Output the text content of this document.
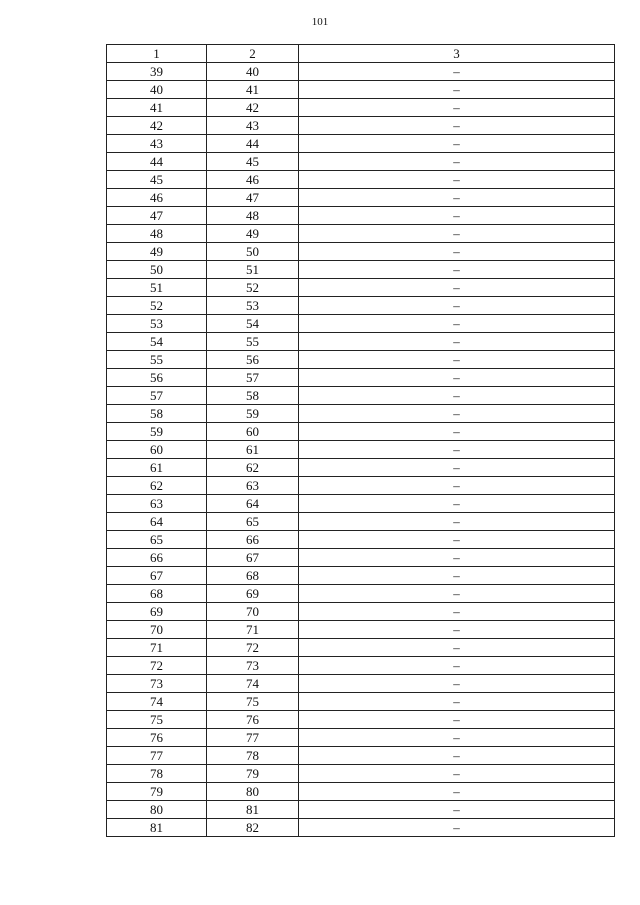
101
1	2	3
39	40	–
40	41	–
41	42	–
42	43	–
43	44	–
44	45	–
45	46	–
46	47	–
47	48	–
48	49	–
49	50	–
50	51	–
51	52	–
52	53	–
53	54	–
54	55	–
55	56	–
56	57	–
57	58	–
58	59	–
59	60	–
60	61	–
61	62	–
62	63	–
63	64	–
64	65	–
65	66	–
66	67	–
67	68	–
68	69	–
69	70	–
70	71	–
71	72	–
72	73	–
73	74	–
74	75	–
75	76	–
76	77	–
77	78	–
78	79	–
79	80	–
80	81	–
81	82	–
